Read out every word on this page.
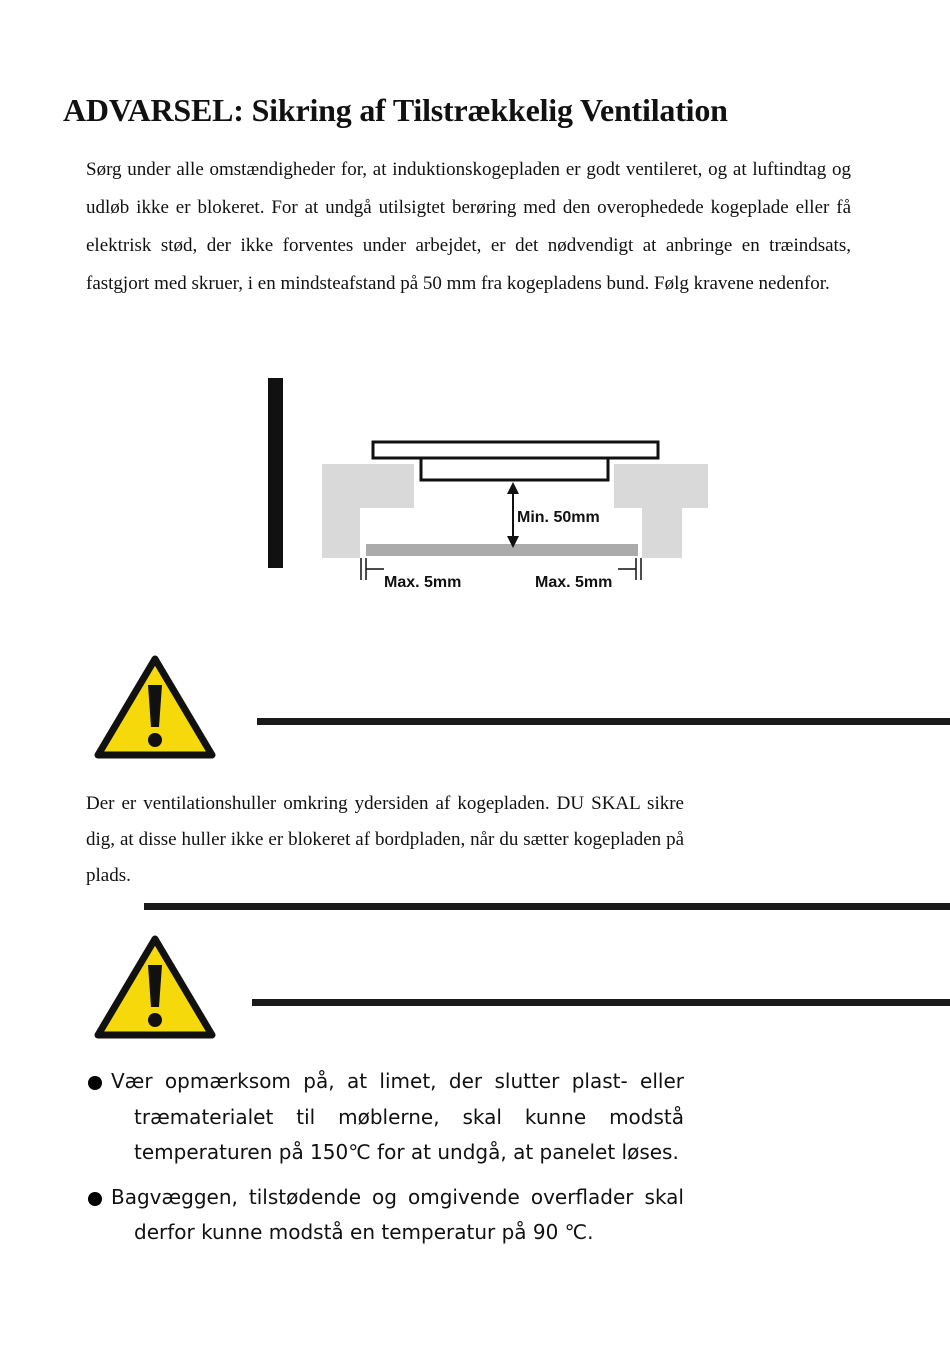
ADVARSEL: Sikring af Tilstrækkelig Ventilation

Sørg under alle omstændigheder for, at induktionskogepladen er godt ventileret, og at luftindtag og udløb ikke er blokeret. For at undgå utilsigtet berøring med den overophedede kogeplade eller få elektrisk stød, der ikke forventes under arbejdet, er det nødvendigt at anbringe en træindsats, fastgjort med skruer, i en mindsteafstand på 50 mm fra kogepladens bund. Følg kravene nedenfor.

Min. 50mm
Max. 5mm	Max. 5mm

Der er ventilationshuller omkring ydersiden af kogepladen. DU SKAL sikre dig, at disse huller ikke er blokeret af bordpladen, når du sætter kogepladen på plads.

Vær opmærksom på, at limet, der slutter plast- eller træmaterialet til møblerne, skal kunne modstå temperaturen på 150℃ for at undgå, at panelet løses.
Bagvæggen, tilstødende og omgivende overflader skal derfor kunne modstå en temperatur på 90 ℃.
